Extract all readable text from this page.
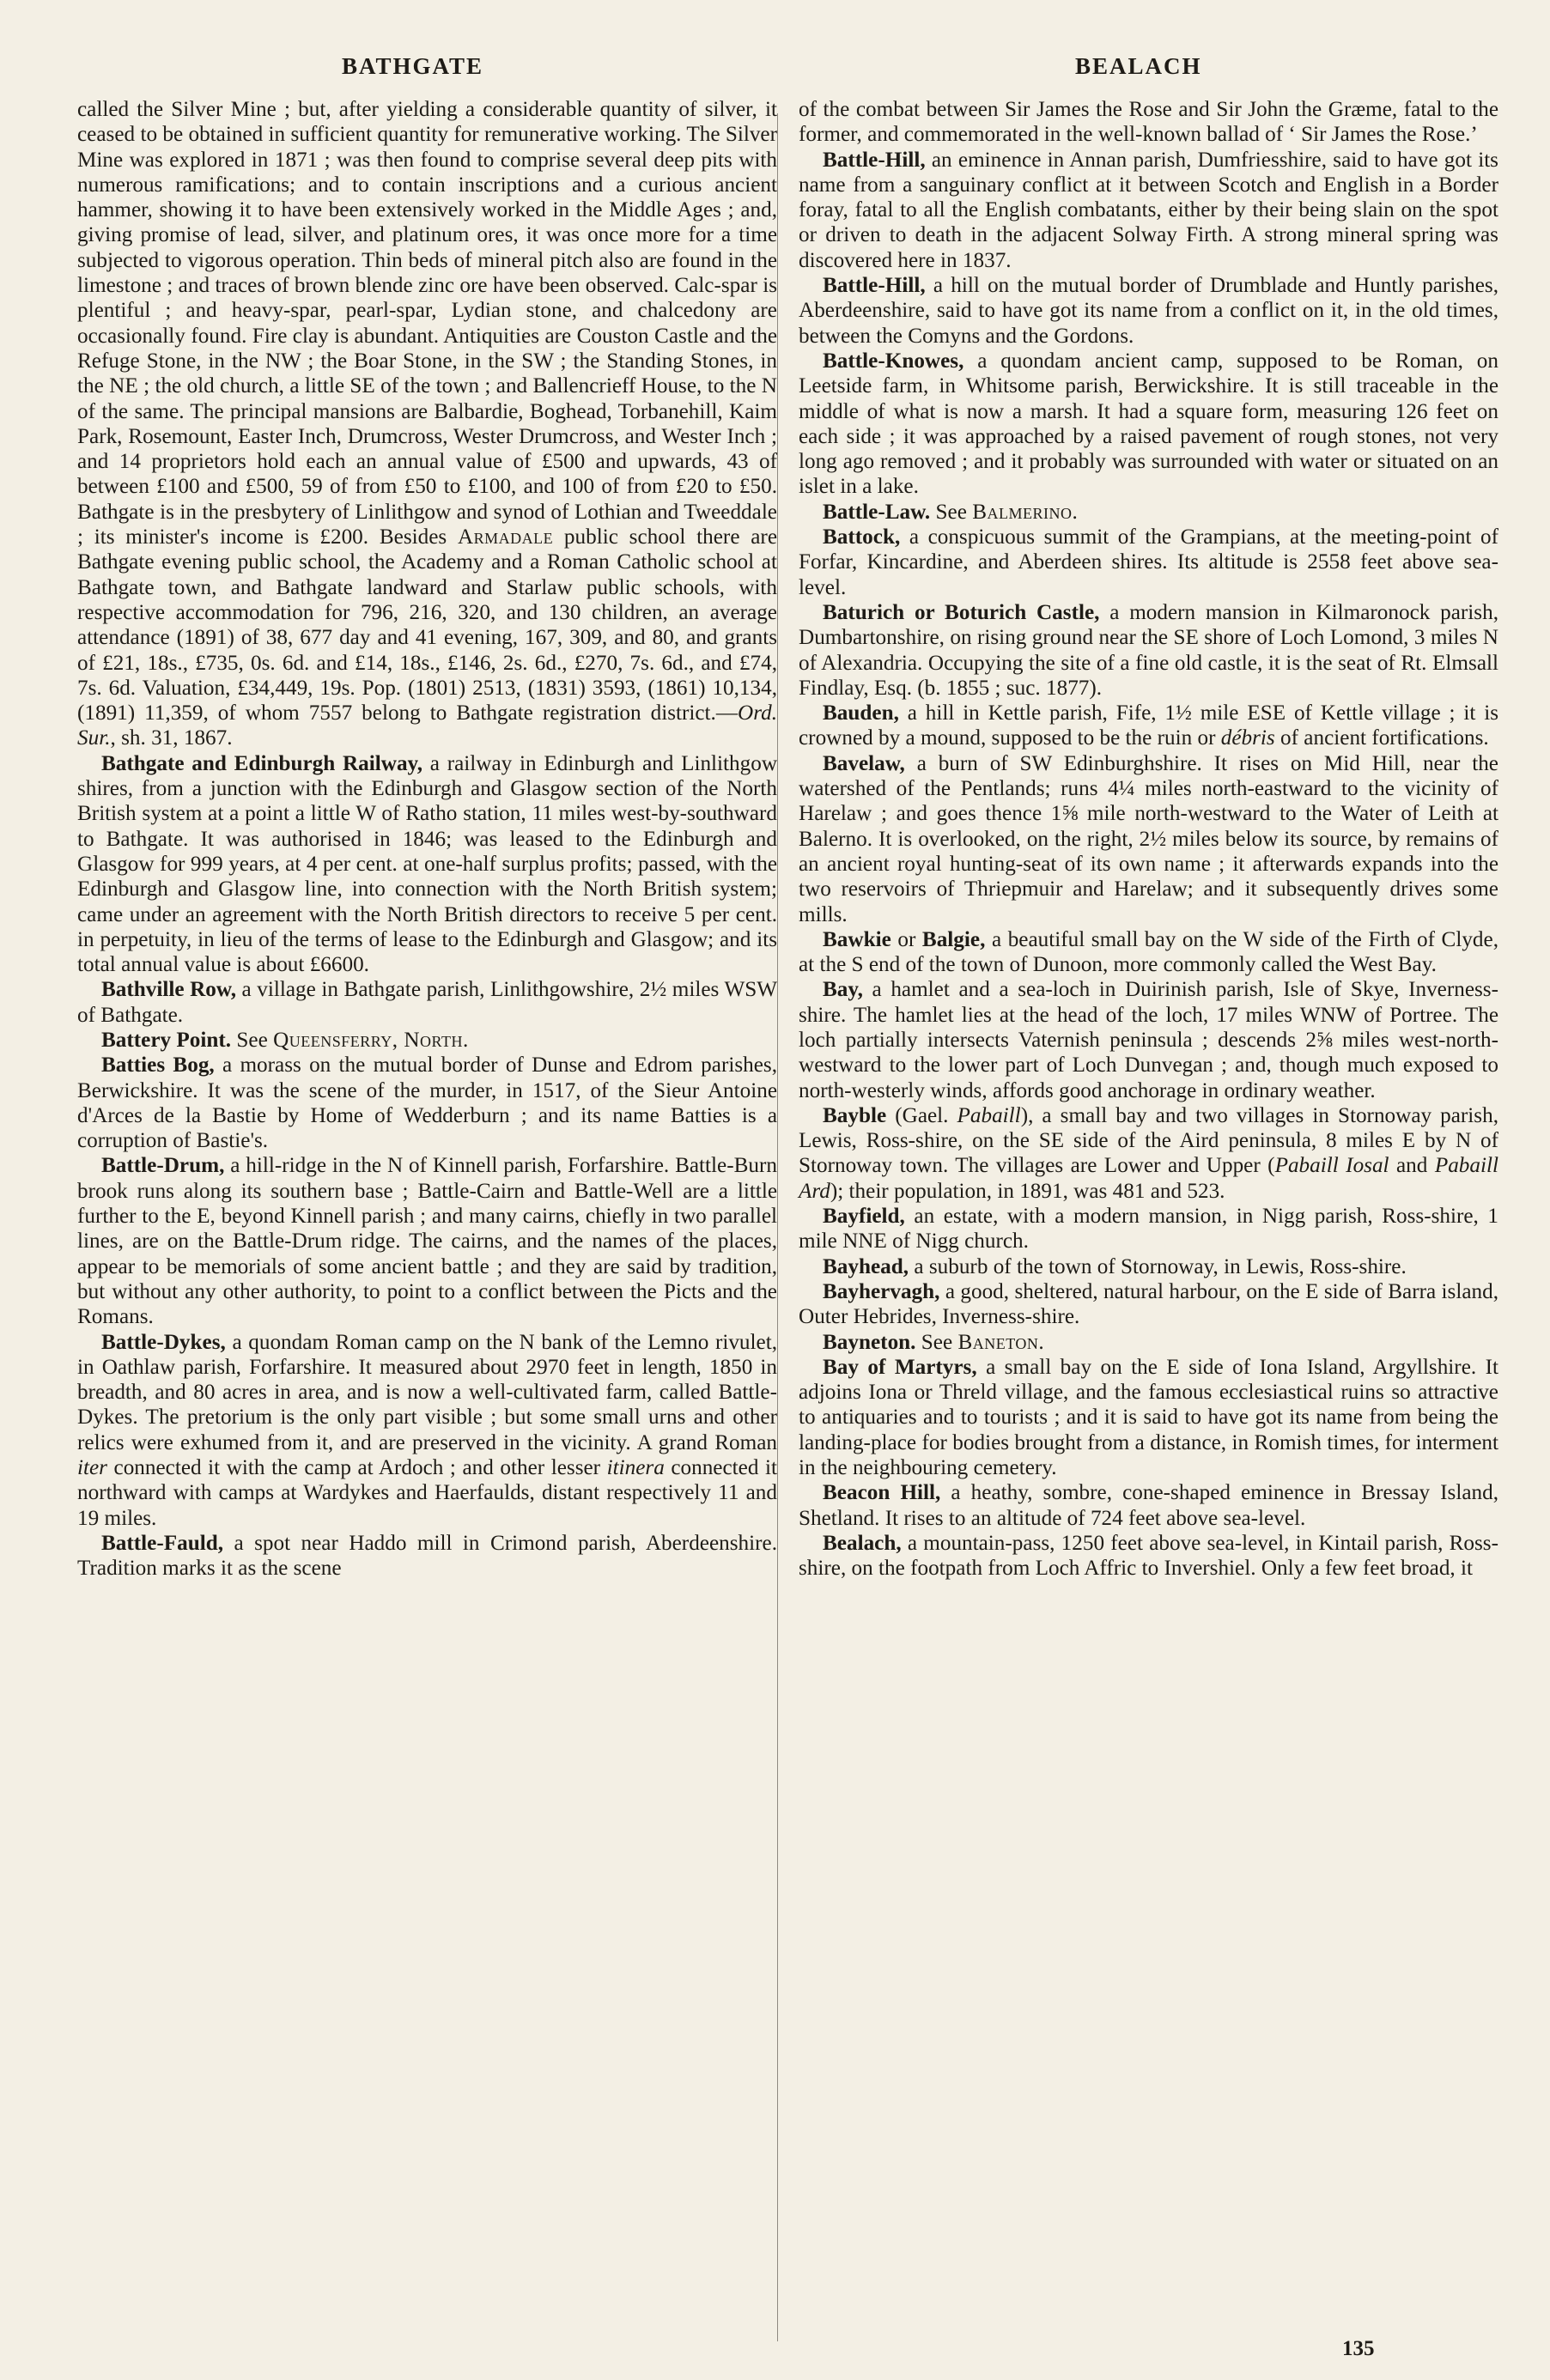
BATHGATE	BEALACH

called the Silver Mine ; but, after yielding a considerable quantity of silver, it ceased to be obtained in sufficient quantity for remunerative working. The Silver Mine was explored in 1871 ; was then found to comprise several deep pits with numerous ramifications; and to contain inscriptions and a curious ancient hammer, showing it to have been extensively worked in the Middle Ages ; and, giving promise of lead, silver, and platinum ores, it was once more for a time subjected to vigorous operation. Thin beds of mineral pitch also are found in the limestone ; and traces of brown blende zinc ore have been observed. Calc-spar is plentiful ; and heavy-spar, pearl-spar, Lydian stone, and chalcedony are occasionally found. Fire clay is abundant. Antiquities are Couston Castle and the Refuge Stone, in the NW ; the Boar Stone, in the SW ; the Standing Stones, in the NE ; the old church, a little SE of the town ; and Ballencrieff House, to the N of the same. The principal mansions are Balbardie, Boghead, Torbanehill, Kaim Park, Rosemount, Easter Inch, Drumcross, Wester Drumcross, and Wester Inch ; and 14 proprietors hold each an annual value of £500 and upwards, 43 of between £100 and £500, 59 of from £50 to £100, and 100 of from £20 to £50. Bathgate is in the presbytery of Linlithgow and synod of Lothian and Tweeddale ; its minister's income is £200. Besides Armadale public school there are Bathgate evening public school, the Academy and a Roman Catholic school at Bathgate town, and Bathgate landward and Starlaw public schools, with respective accommodation for 796, 216, 320, and 130 children, an average attendance (1891) of 38, 677 day and 41 evening, 167, 309, and 80, and grants of £21, 18s., £735, 0s. 6d. and £14, 18s., £146, 2s. 6d., £270, 7s. 6d., and £74, 7s. 6d. Valuation, £34,449, 19s. Pop. (1801) 2513, (1831) 3593, (1861) 10,134, (1891) 11,359, of whom 7557 belong to Bathgate registration district.—Ord. Sur., sh. 31, 1867.

Bathgate and Edinburgh Railway, a railway in Edinburgh and Linlithgow shires, from a junction with the Edinburgh and Glasgow section of the North British system at a point a little W of Ratho station, 11 miles west-by-southward to Bathgate. It was authorised in 1846; was leased to the Edinburgh and Glasgow for 999 years, at 4 per cent. at one-half surplus profits; passed, with the Edinburgh and Glasgow line, into connection with the North British system; came under an agreement with the North British directors to receive 5 per cent. in perpetuity, in lieu of the terms of lease to the Edinburgh and Glasgow; and its total annual value is about £6600.

Bathville Row, a village in Bathgate parish, Linlithgowshire, 2½ miles WSW of Bathgate.

Battery Point. See Queensferry, North.

Batties Bog, a morass on the mutual border of Dunse and Edrom parishes, Berwickshire. It was the scene of the murder, in 1517, of the Sieur Antoine d'Arces de la Bastie by Home of Wedderburn ; and its name Batties is a corruption of Bastie's.

Battle-Drum, a hill-ridge in the N of Kinnell parish, Forfarshire. Battle-Burn brook runs along its southern base ; Battle-Cairn and Battle-Well are a little further to the E, beyond Kinnell parish ; and many cairns, chiefly in two parallel lines, are on the Battle-Drum ridge. The cairns, and the names of the places, appear to be memorials of some ancient battle ; and they are said by tradition, but without any other authority, to point to a conflict between the Picts and the Romans.

Battle-Dykes, a quondam Roman camp on the N bank of the Lemno rivulet, in Oathlaw parish, Forfarshire. It measured about 2970 feet in length, 1850 in breadth, and 80 acres in area, and is now a well-cultivated farm, called Battle-Dykes. The pretorium is the only part visible ; but some small urns and other relics were exhumed from it, and are preserved in the vicinity. A grand Roman iter connected it with the camp at Ardoch ; and other lesser itinera connected it northward with camps at Wardykes and Haerfaulds, distant respectively 11 and 19 miles.

Battle-Fauld, a spot near Haddo mill in Crimond parish, Aberdeenshire. Tradition marks it as the scene

of the combat between Sir James the Rose and Sir John the Græme, fatal to the former, and commemorated in the well-known ballad of ‘ Sir James the Rose.’

Battle-Hill, an eminence in Annan parish, Dumfriesshire, said to have got its name from a sanguinary conflict at it between Scotch and English in a Border foray, fatal to all the English combatants, either by their being slain on the spot or driven to death in the adjacent Solway Firth. A strong mineral spring was discovered here in 1837.

Battle-Hill, a hill on the mutual border of Drumblade and Huntly parishes, Aberdeenshire, said to have got its name from a conflict on it, in the old times, between the Comyns and the Gordons.

Battle-Knowes, a quondam ancient camp, supposed to be Roman, on Leetside farm, in Whitsome parish, Berwickshire. It is still traceable in the middle of what is now a marsh. It had a square form, measuring 126 feet on each side ; it was approached by a raised pavement of rough stones, not very long ago removed ; and it probably was surrounded with water or situated on an islet in a lake.

Battle-Law. See Balmerino.

Battock, a conspicuous summit of the Grampians, at the meeting-point of Forfar, Kincardine, and Aberdeen shires. Its altitude is 2558 feet above sea-level.

Baturich or Boturich Castle, a modern mansion in Kilmaronock parish, Dumbartonshire, on rising ground near the SE shore of Loch Lomond, 3 miles N of Alexandria. Occupying the site of a fine old castle, it is the seat of Rt. Elmsall Findlay, Esq. (b. 1855 ; suc. 1877).

Bauden, a hill in Kettle parish, Fife, 1½ mile ESE of Kettle village ; it is crowned by a mound, supposed to be the ruin or débris of ancient fortifications.

Bavelaw, a burn of SW Edinburghshire. It rises on Mid Hill, near the watershed of the Pentlands; runs 4¼ miles north-eastward to the vicinity of Harelaw ; and goes thence 1⅝ mile north-westward to the Water of Leith at Balerno. It is overlooked, on the right, 2½ miles below its source, by remains of an ancient royal hunting-seat of its own name ; it afterwards expands into the two reservoirs of Thriepmuir and Harelaw; and it subsequently drives some mills.

Bawkie or Balgie, a beautiful small bay on the W side of the Firth of Clyde, at the S end of the town of Dunoon, more commonly called the West Bay.

Bay, a hamlet and a sea-loch in Duirinish parish, Isle of Skye, Inverness-shire. The hamlet lies at the head of the loch, 17 miles WNW of Portree. The loch partially intersects Vaternish peninsula ; descends 2⅝ miles west-north-westward to the lower part of Loch Dunvegan ; and, though much exposed to north-westerly winds, affords good anchorage in ordinary weather.

Bayble (Gael. Pabaill), a small bay and two villages in Stornoway parish, Lewis, Ross-shire, on the SE side of the Aird peninsula, 8 miles E by N of Stornoway town. The villages are Lower and Upper (Pabaill Iosal and Pabaill Ard); their population, in 1891, was 481 and 523.

Bayfield, an estate, with a modern mansion, in Nigg parish, Ross-shire, 1 mile NNE of Nigg church.

Bayhead, a suburb of the town of Stornoway, in Lewis, Ross-shire.

Bayhervagh, a good, sheltered, natural harbour, on the E side of Barra island, Outer Hebrides, Inverness-shire.

Bayneton. See Baneton.

Bay of Martyrs, a small bay on the E side of Iona Island, Argyllshire. It adjoins Iona or Threld village, and the famous ecclesiastical ruins so attractive to antiquaries and to tourists ; and it is said to have got its name from being the landing-place for bodies brought from a distance, in Romish times, for interment in the neighbouring cemetery.

Beacon Hill, a heathy, sombre, cone-shaped eminence in Bressay Island, Shetland. It rises to an altitude of 724 feet above sea-level.

Bealach, a mountain-pass, 1250 feet above sea-level, in Kintail parish, Ross-shire, on the footpath from Loch Affric to Invershiel. Only a few feet broad, it

135
